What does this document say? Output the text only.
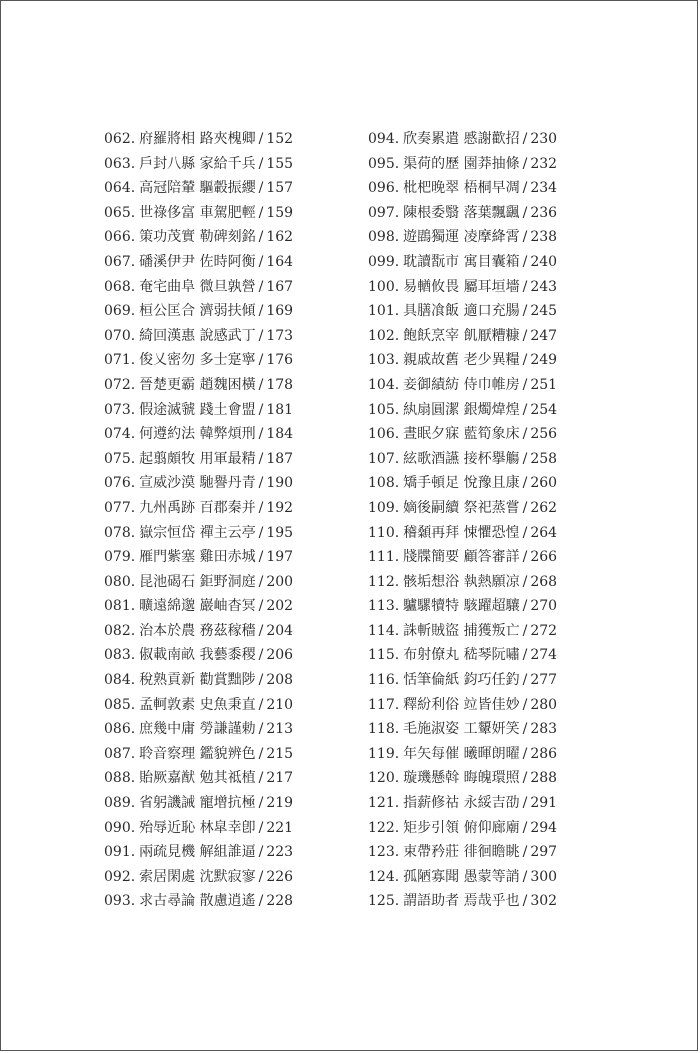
062. 府羅將相 路夾槐卿 / 152
063. 戶封八縣 家給千兵 / 155
064. 高冠陪輦 驅轂振纓 / 157
065. 世祿侈富 車駕肥輕 / 159
066. 策功茂實 勒碑刻銘 / 162
067. 磻溪伊尹 佐時阿衡 / 164
068. 奄宅曲阜 微旦孰營 / 167
069. 桓公匡合 濟弱扶傾 / 169
070. 綺回漢惠 說感武丁 / 173
071. 俊乂密勿 多士寔寧 / 176
072. 晉楚更霸 趙魏困橫 / 178
073. 假途滅虢 踐土會盟 / 181
074. 何遵約法 韓弊煩刑 / 184
075. 起翦頗牧 用軍最精 / 187
076. 宣威沙漠 馳譽丹青 / 190
077. 九州禹跡 百郡秦并 / 192
078. 嶽宗恒岱 禪主云亭 / 195
079. 雁門紫塞 雞田赤城 / 197
080. 昆池碣石 鉅野洞庭 / 200
081. 曠遠綿邈 巖岫杳冥 / 202
082. 治本於農 務茲稼穡 / 204
083. 俶載南畝 我藝黍稷 / 206
084. 稅熟貢新 勸賞黜陟 / 208
085. 孟軻敦素 史魚秉直 / 210
086. 庶幾中庸 勞謙謹勅 / 213
087. 聆音察理 鑑貌辨色 / 215
088. 貽厥嘉猷 勉其祗植 / 217
089. 省躬譏誡 寵增抗極 / 219
090. 殆辱近恥 林皐幸卽 / 221
091. 兩疏見機 解組誰逼 / 223
092. 索居閑處 沈默寂寥 / 226
093. 求古尋論 散慮逍遙 / 228
094. 欣奏累遣 慼謝歡招 / 230
095. 渠荷的歷 園莽抽條 / 232
096. 枇杷晚翠 梧桐早凋 / 234
097. 陳根委翳 落葉飄颻 / 236
098. 遊鵾獨運 凌摩絳霄 / 238
099. 耽讀翫市 寓目囊箱 / 240
100. 易輶攸畏 屬耳垣墻 / 243
101. 具膳飡飯 適口充腸 / 245
102. 飽飫烹宰 飢厭糟糠 / 247
103. 親戚故舊 老少異糧 / 249
104. 妾御績紡 侍巾帷房 / 251
105. 紈扇圓潔 銀燭煒煌 / 254
106. 晝眠夕寐 藍筍象床 / 256
107. 絃歌酒讌 接杯擧觴 / 258
108. 矯手頓足 悅豫且康 / 260
109. 嫡後嗣續 祭祀蒸嘗 / 262
110. 稽顙再拜 悚懼恐惶 / 264
111. 牋牒簡要 顧答審詳 / 266
112. 骸垢想浴 執熱願凉 / 268
113. 驢騾犢特 駭躍超驤 / 270
114. 誅斬賊盜 捕獲叛亡 / 272
115. 布射僚丸 嵇琴阮嘯 / 274
116. 恬筆倫紙 鈞巧任釣 / 277
117. 釋紛利俗 竝皆佳妙 / 280
118. 毛施淑姿 工顰妍笑 / 283
119. 年矢每催 曦暉朗曜 / 286
120. 璇璣懸斡 晦魄環照 / 288
121. 指薪修祜 永綏吉劭 / 291
122. 矩步引領 俯仰廊廟 / 294
123. 束帶矜莊 徘徊瞻眺 / 297
124. 孤陋寡聞 愚蒙等誚 / 300
125. 謂語助者 焉哉乎也 / 302
